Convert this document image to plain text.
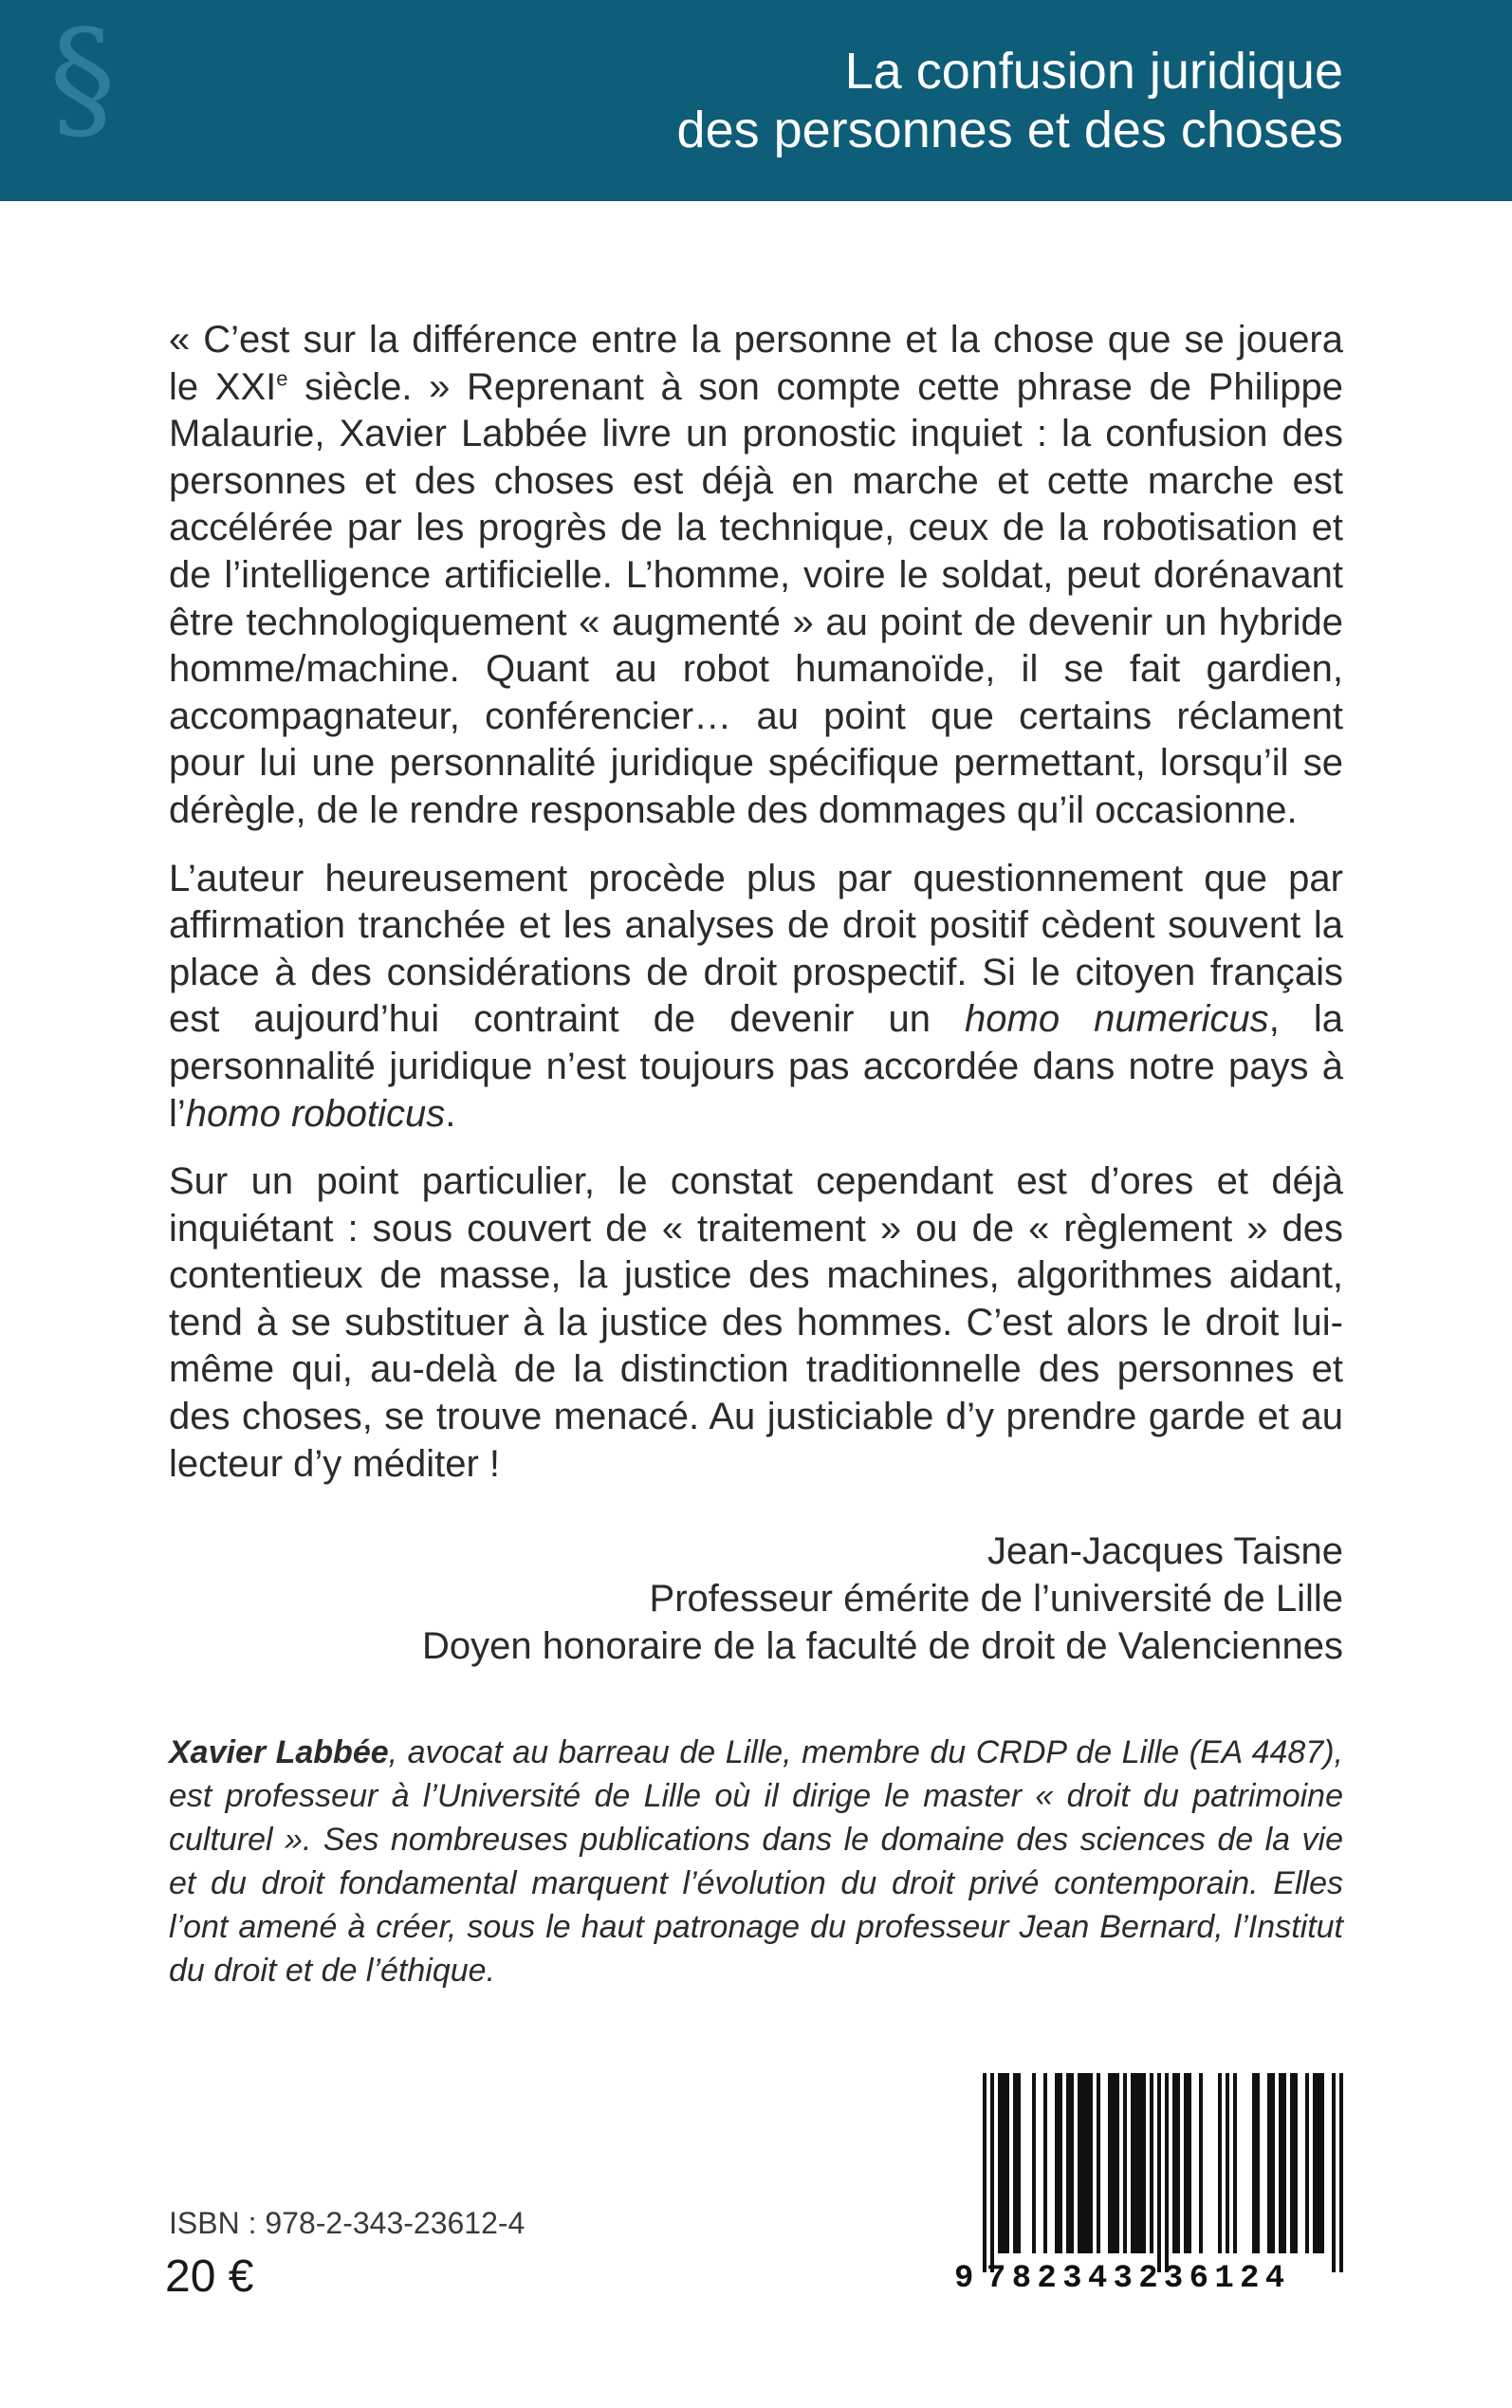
§	La confusion juridique
des personnes et des choses

« C’est sur la différence entre la personne et la chose que se jouera le XXIe siècle. » Reprenant à son compte cette phrase de Philippe Malaurie, Xavier Labbée livre un pronostic inquiet : la confusion des personnes et des choses est déjà en marche et cette marche est accélérée par les progrès de la technique, ceux de la robotisation et de l’intelligence artificielle. L’homme, voire le soldat, peut dorénavant être technologiquement « augmenté » au point de devenir un hybride homme/machine. Quant au robot humanoïde, il se fait gardien, accompagnateur, conférencier… au point que certains réclament pour lui une personnalité juridique spécifique permettant, lorsqu’il se dérègle, de le rendre responsable des dommages qu’il occasionne.

L’auteur heureusement procède plus par questionnement que par affirmation tranchée et les analyses de droit positif cèdent souvent la place à des considérations de droit prospectif. Si le citoyen français est aujourd’hui contraint de devenir un homo numericus, la personnalité juridique n’est toujours pas accordée dans notre pays à l’homo roboticus.

Sur un point particulier, le constat cependant est d’ores et déjà inquiétant : sous couvert de « traitement » ou de « règlement » des contentieux de masse, la justice des machines, algorithmes aidant, tend à se substituer à la justice des hommes. C’est alors le droit lui-même qui, au-delà de la distinction traditionnelle des personnes et des choses, se trouve menacé. Au justiciable d’y prendre garde et au lecteur d’y méditer !

Jean-Jacques Taisne
Professeur émérite de l’université de Lille
Doyen honoraire de la faculté de droit de Valenciennes
Xavier Labbée, avocat au barreau de Lille, membre du CRDP de Lille (EA 4487), est professeur à l’Université de Lille où il dirige le master « droit du patrimoine culturel ». Ses nombreuses publications dans le domaine des sciences de la vie et du droit fondamental marquent l’évolution du droit privé contemporain. Elles l’ont amené à créer, sous le haut patronage du professeur Jean Bernard, l’Institut du droit et de l’éthique.
ISBN : 978-2-343-23612-4
20 €	9 782343236124
